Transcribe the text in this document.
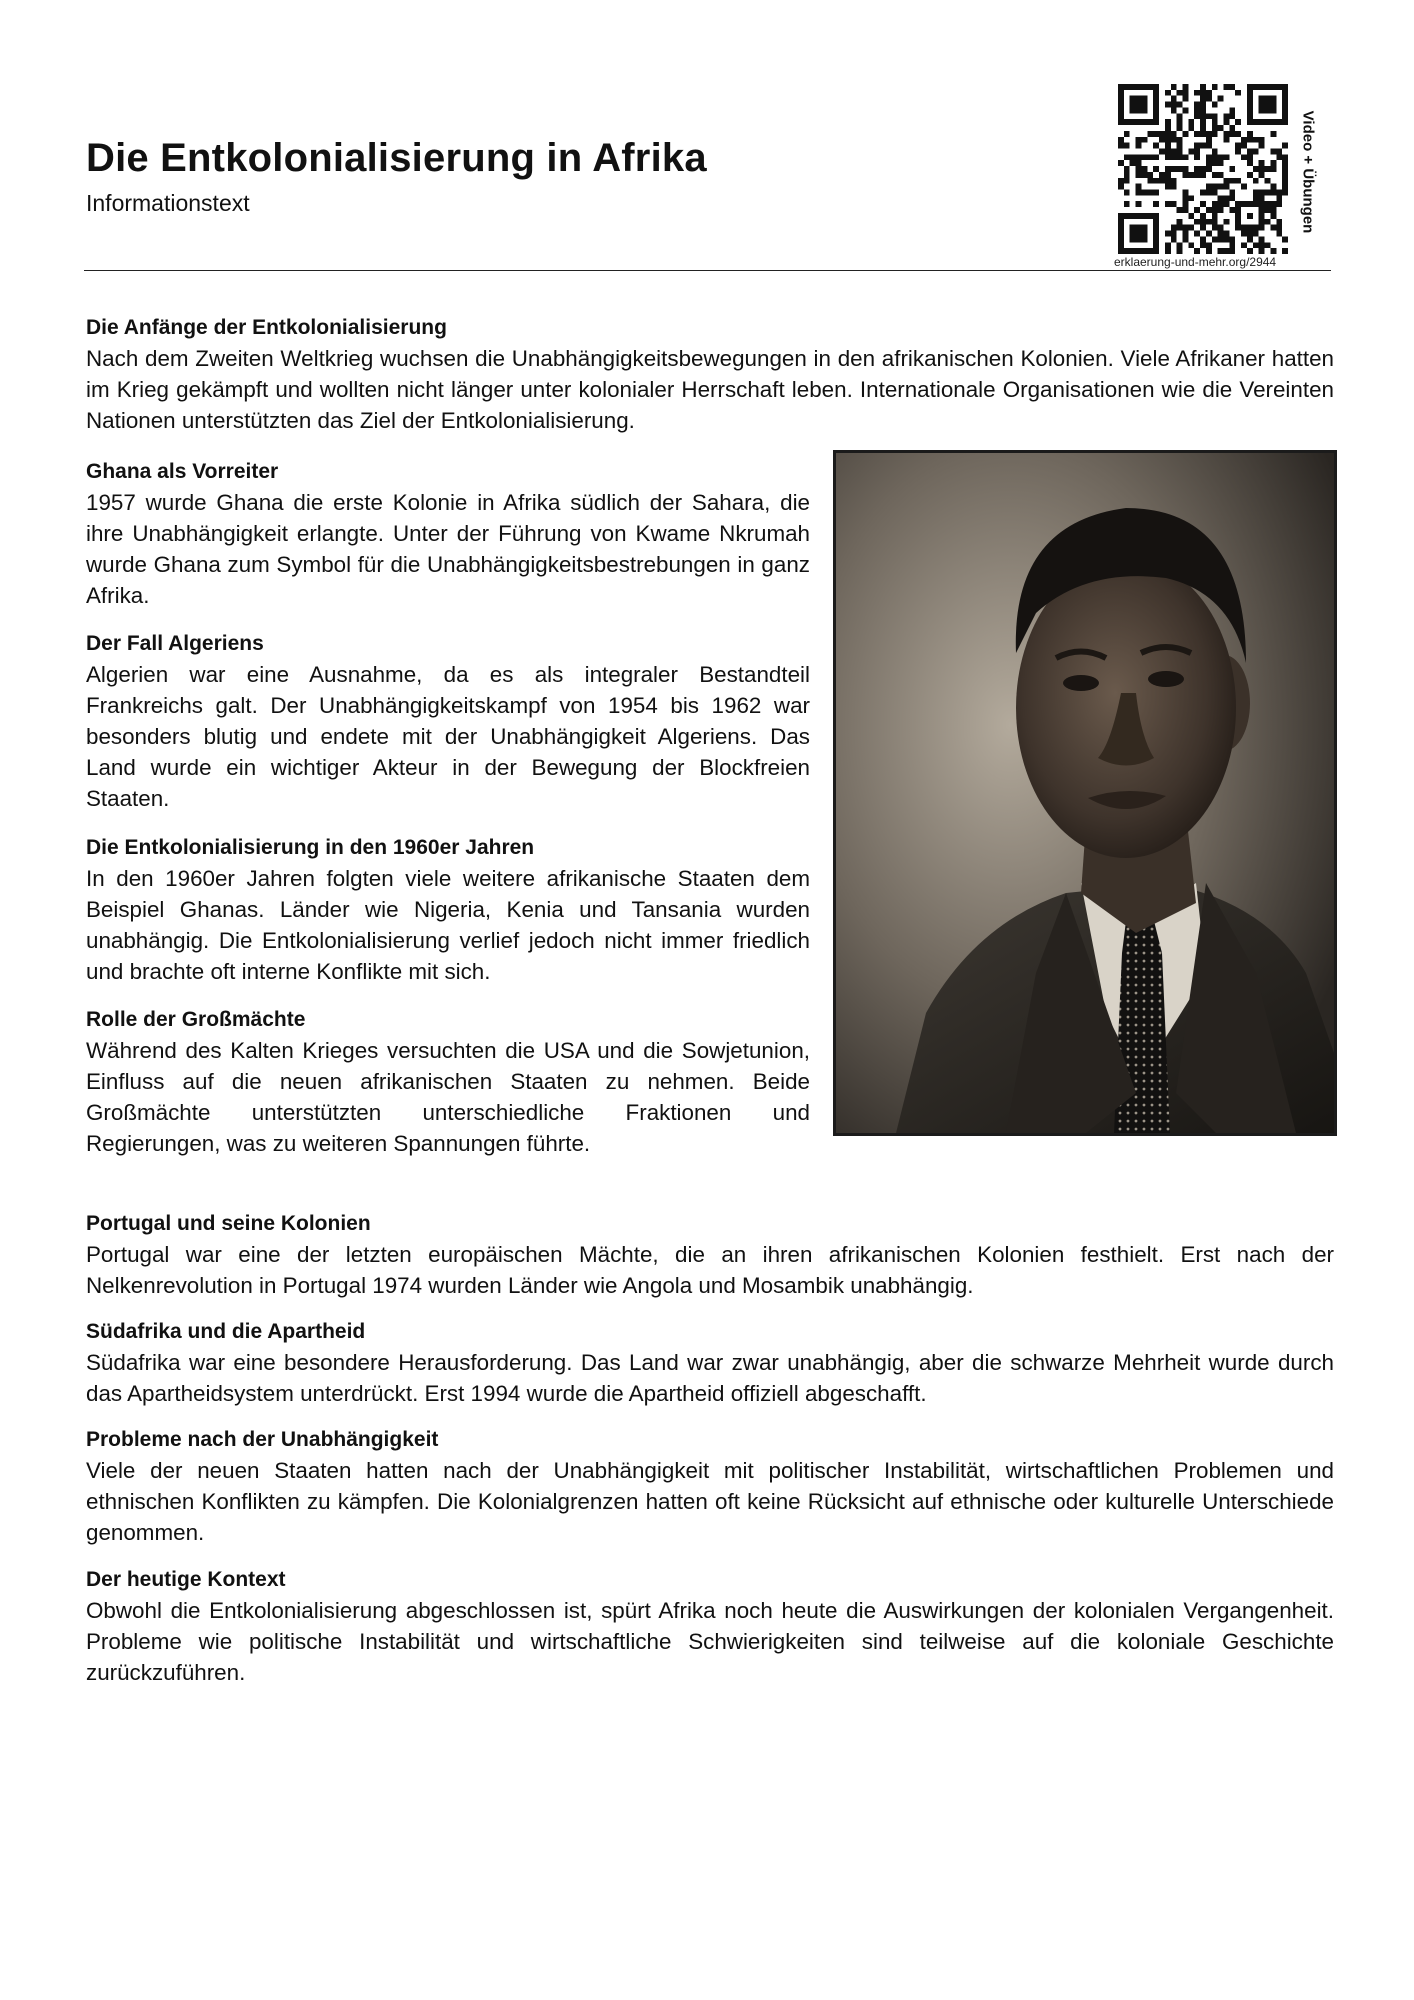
Die Entkolonialisierung in Afrika
Informationstext
erklaerung-und-mehr.org/2944
Video + Übungen
Die Anfänge der Entkolonialisierung

Nach dem Zweiten Weltkrieg wuchsen die Unabhängigkeitsbewegungen in den afrikanischen Kolonien. Viele Afrikaner hatten im Krieg gekämpft und wollten nicht länger unter kolonialer Herrschaft leben. Internationale Organisationen wie die Vereinten Nationen unterstützten das Ziel der Entkolonialisierung.

Ghana als Vorreiter

1957 wurde Ghana die erste Kolonie in Afrika südlich der Sahara, die ihre Unabhängigkeit erlangte. Unter der Führung von Kwame Nkrumah wurde Ghana zum Symbol für die Unabhängigkeitsbestrebungen in ganz Afrika.

Der Fall Algeriens

Algerien war eine Ausnahme, da es als integraler Bestandteil Frankreichs galt. Der Unabhängigkeitskampf von 1954 bis 1962 war besonders blutig und endete mit der Unabhängigkeit Algeriens. Das Land wurde ein wichtiger Akteur in der Bewegung der Blockfreien Staaten.

Die Entkolonialisierung in den 1960er Jahren

In den 1960er Jahren folgten viele weitere afrikanische Staaten dem Beispiel Ghanas. Länder wie Nigeria, Kenia und Tansania wurden unabhängig. Die Entkolonialisierung verlief jedoch nicht immer friedlich und brachte oft interne Konflikte mit sich.

Rolle der Großmächte

Während des Kalten Krieges versuchten die USA und die Sowjetunion, Einfluss auf die neuen afrikanischen Staaten zu nehmen. Beide Großmächte unterstützten unterschiedliche Fraktionen und Regierungen, was zu weiteren Spannungen führte.

Portugal und seine Kolonien

Portugal war eine der letzten europäischen Mächte, die an ihren afrikanischen Kolonien festhielt. Erst nach der Nelkenrevolution in Portugal 1974 wurden Länder wie Angola und Mosambik unabhängig.

Südafrika und die Apartheid

Südafrika war eine besondere Herausforderung. Das Land war zwar unabhängig, aber die schwarze Mehrheit wurde durch das Apartheidsystem unterdrückt. Erst 1994 wurde die Apartheid offiziell abgeschafft.

Probleme nach der Unabhängigkeit

Viele der neuen Staaten hatten nach der Unabhängigkeit mit politischer Instabilität, wirtschaftlichen Problemen und ethnischen Konflikten zu kämpfen. Die Kolonialgrenzen hatten oft keine Rücksicht auf ethnische oder kulturelle Unterschiede genommen.

Der heutige Kontext

Obwohl die Entkolonialisierung abgeschlossen ist, spürt Afrika noch heute die Auswirkungen der kolonialen Vergangenheit. Probleme wie politische Instabilität und wirtschaftliche Schwierigkeiten sind teilweise auf die koloniale Geschichte zurückzuführen.
